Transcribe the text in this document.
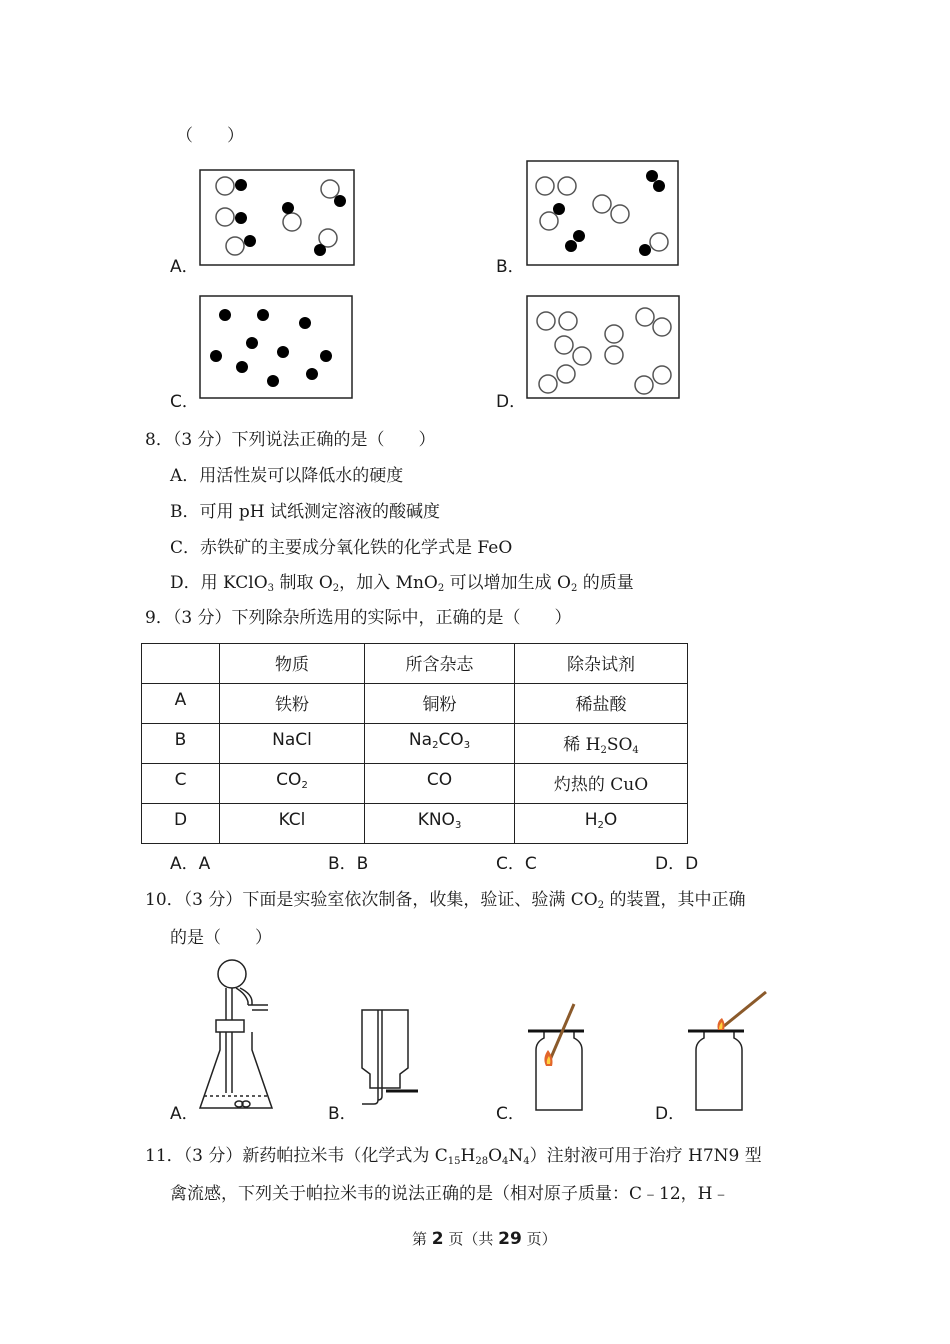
（　　）
A．	B．
C．	D．
8．（3 分）下列说法正确的是（　　）
A．用活性炭可以降低水的硬度
B．可用 pH 试纸测定溶液的酸碱度
C．赤铁矿的主要成分氧化铁的化学式是 FeO
D．用 KClO$_3$ 制取 $O_2$，加入 MnO$_2$ 可以增加生成 $O_2$ 的质量
9．（3 分）下列除杂所选用的实际中，正确的是（　　）
	物质	所含杂志	除杂试剂
A	铁粉	铜粉	稀盐酸
B	NaCl	$Na_2CO_3$	稀 $H_2SO_4$
C	$CO_2$	CO	灼热的 CuO
D	KCl	$KNO_3$	$H_2O$
A．A	B．B	C．C	D．D
10．（3 分）下面是实验室依次制备，收集，验证、验满 $CO_2$ 的装置，其中正确
的是（　　）
A．	B．	C．	D．
11．（3 分）新药帕拉米韦（化学式为 $C_{15}H_{28}O_4N_4$）注射液可用于治疗 H7N9 型
禽流感，下列关于帕拉米韦的说法正确的是（相对原子质量：C﹣12，H﹣
第 2 页（共 29 页）
